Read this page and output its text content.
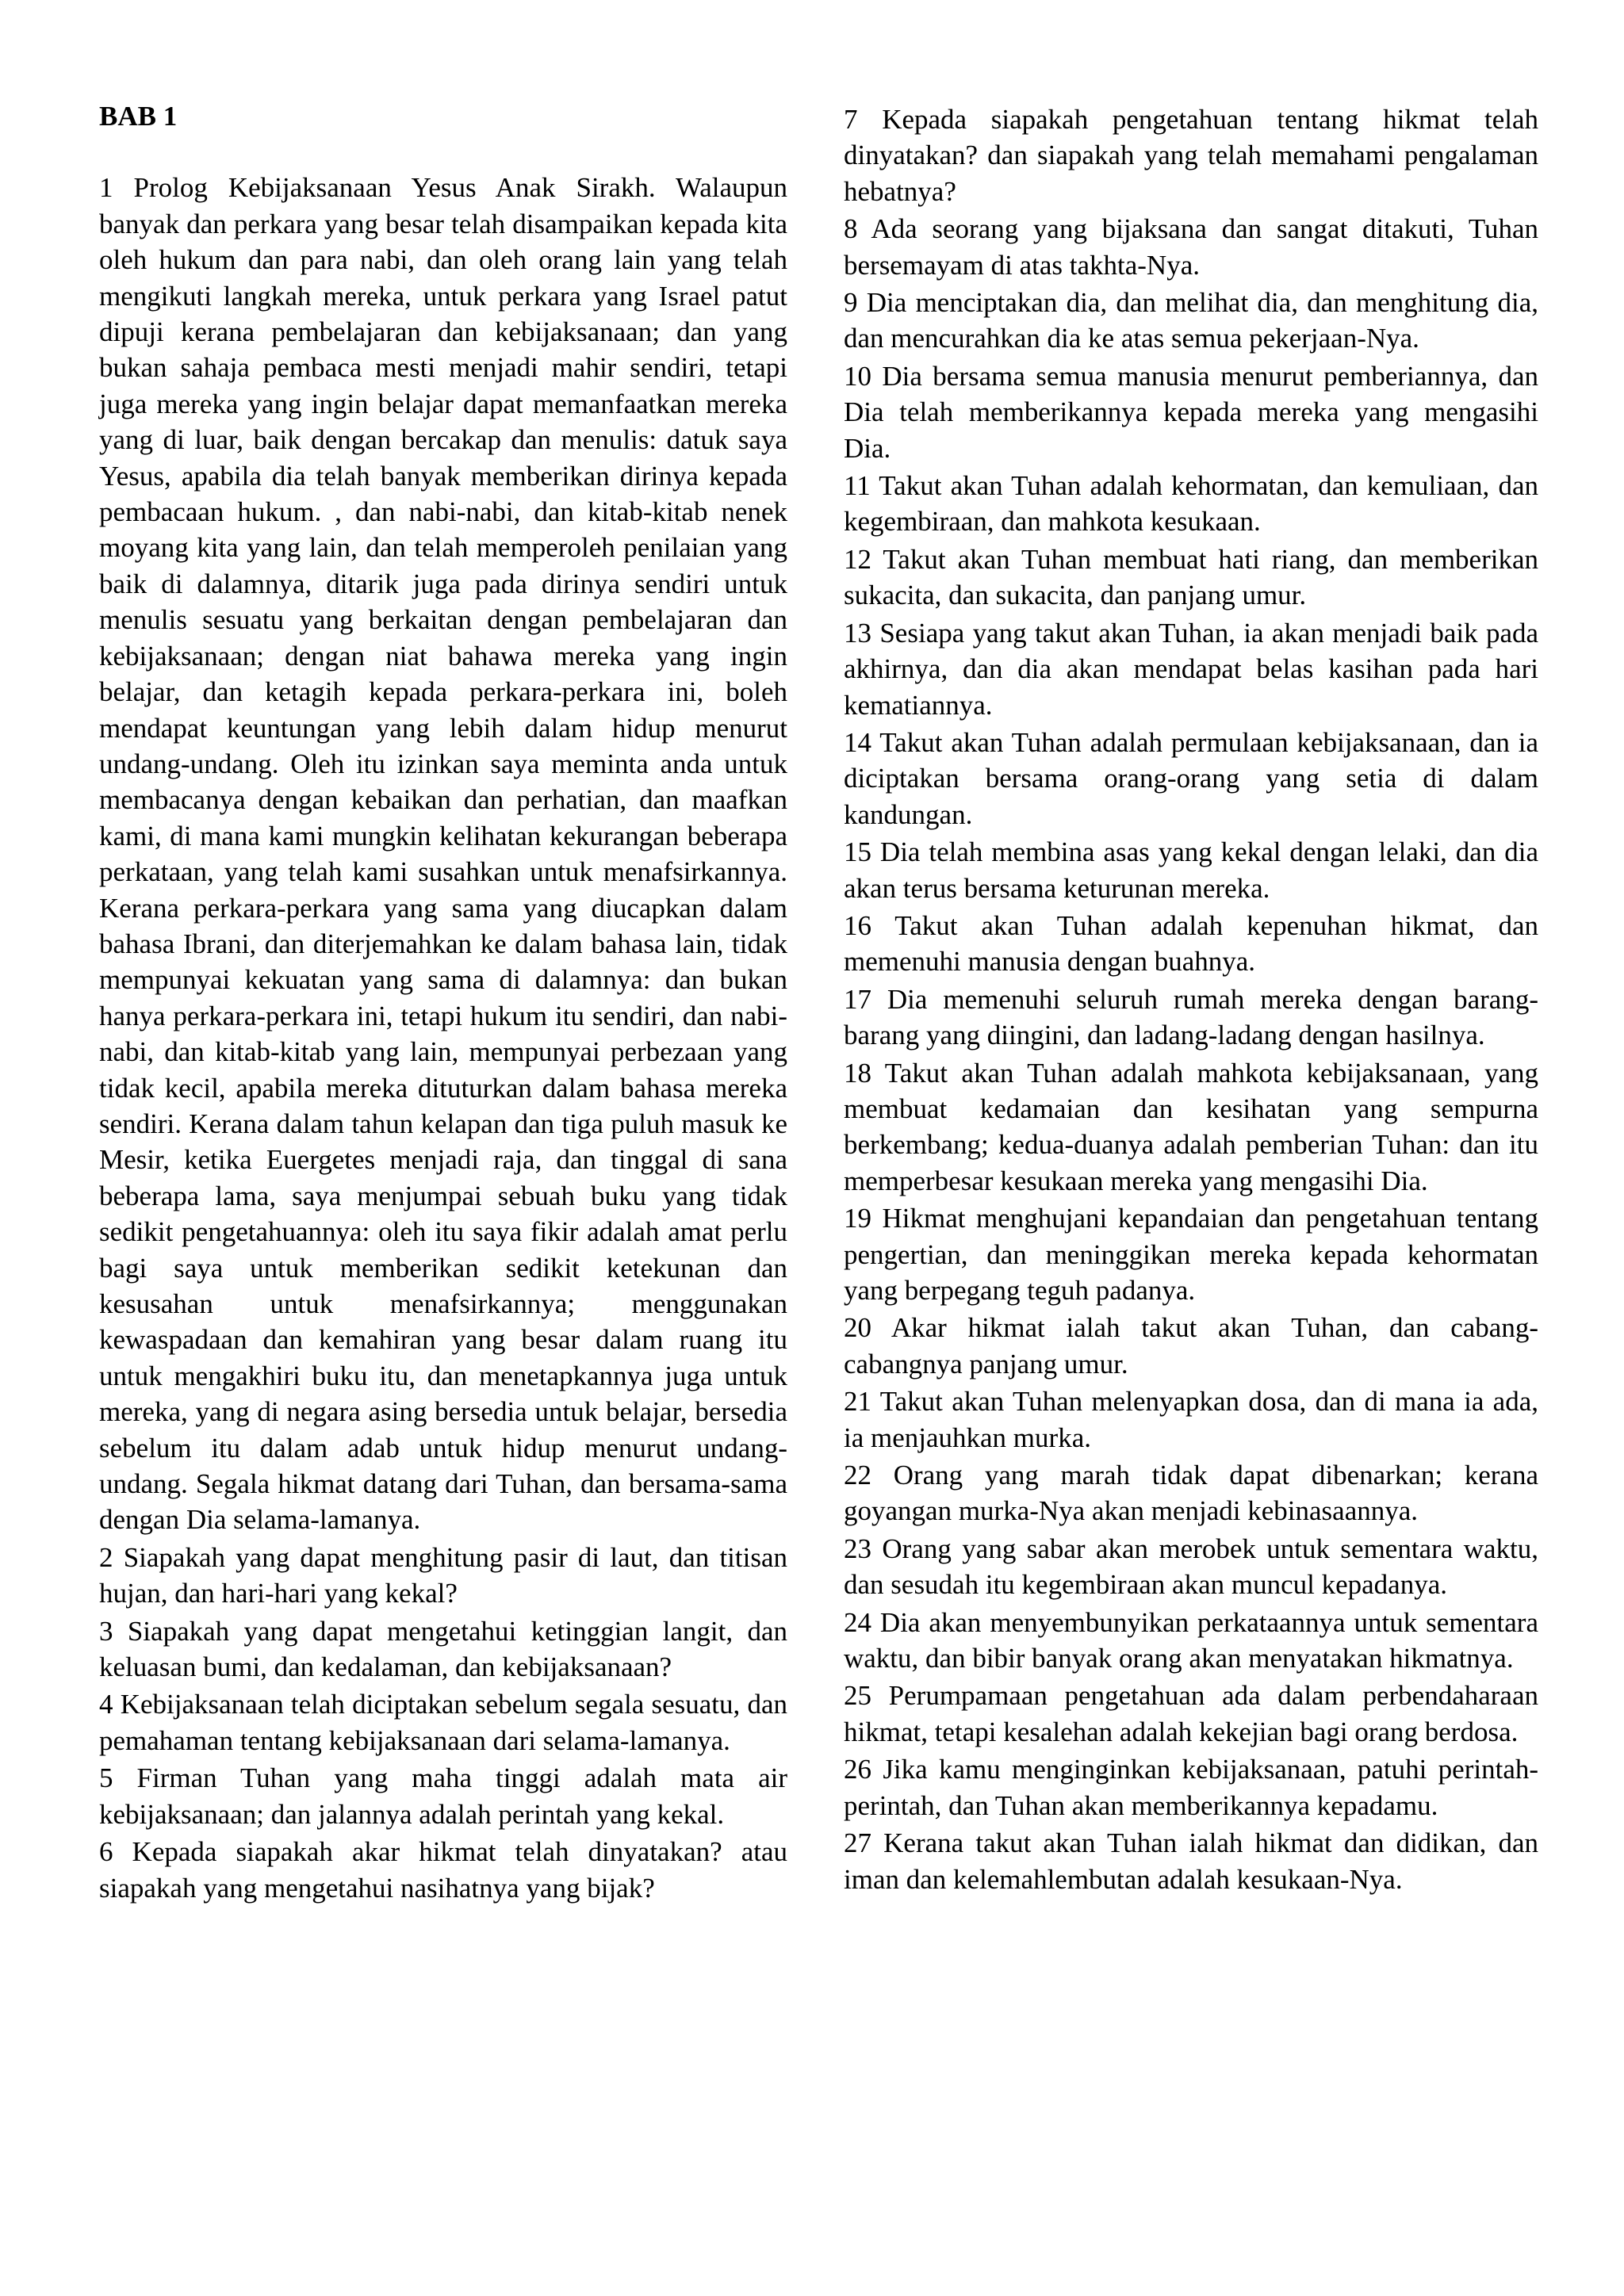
BAB 1

1 Prolog Kebijaksanaan Yesus Anak Sirakh. Walaupun banyak dan perkara yang besar telah disampaikan kepada kita oleh hukum dan para nabi, dan oleh orang lain yang telah mengikuti langkah mereka, untuk perkara yang Israel patut dipuji kerana pembelajaran dan kebijaksanaan; dan yang bukan sahaja pembaca mesti menjadi mahir sendiri, tetapi juga mereka yang ingin belajar dapat memanfaatkan mereka yang di luar, baik dengan bercakap dan menulis: datuk saya Yesus, apabila dia telah banyak memberikan dirinya kepada pembacaan hukum. , dan nabi-nabi, dan kitab-kitab nenek moyang kita yang lain, dan telah memperoleh penilaian yang baik di dalamnya, ditarik juga pada dirinya sendiri untuk menulis sesuatu yang berkaitan dengan pembelajaran dan kebijaksanaan; dengan niat bahawa mereka yang ingin belajar, dan ketagih kepada perkara-perkara ini, boleh mendapat keuntungan yang lebih dalam hidup menurut undang-undang. Oleh itu izinkan saya meminta anda untuk membacanya dengan kebaikan dan perhatian, dan maafkan kami, di mana kami mungkin kelihatan kekurangan beberapa perkataan, yang telah kami susahkan untuk menafsirkannya. Kerana perkara-perkara yang sama yang diucapkan dalam bahasa Ibrani, dan diterjemahkan ke dalam bahasa lain, tidak mempunyai kekuatan yang sama di dalamnya: dan bukan hanya perkara-perkara ini, tetapi hukum itu sendiri, dan nabi-nabi, dan kitab-kitab yang lain, mempunyai perbezaan yang tidak kecil, apabila mereka dituturkan dalam bahasa mereka sendiri. Kerana dalam tahun kelapan dan tiga puluh masuk ke Mesir, ketika Euergetes menjadi raja, dan tinggal di sana beberapa lama, saya menjumpai sebuah buku yang tidak sedikit pengetahuannya: oleh itu saya fikir adalah amat perlu bagi saya untuk memberikan sedikit ketekunan dan kesusahan untuk menafsirkannya; menggunakan kewaspadaan dan kemahiran yang besar dalam ruang itu untuk mengakhiri buku itu, dan menetapkannya juga untuk mereka, yang di negara asing bersedia untuk belajar, bersedia sebelum itu dalam adab untuk hidup menurut undang-undang. Segala hikmat datang dari Tuhan, dan bersama-sama dengan Dia selama-lamanya.

2 Siapakah yang dapat menghitung pasir di laut, dan titisan hujan, dan hari-hari yang kekal?

3 Siapakah yang dapat mengetahui ketinggian langit, dan keluasan bumi, dan kedalaman, dan kebijaksanaan?

4 Kebijaksanaan telah diciptakan sebelum segala sesuatu, dan pemahaman tentang kebijaksanaan dari selama-lamanya.

5 Firman Tuhan yang maha tinggi adalah mata air kebijaksanaan; dan jalannya adalah perintah yang kekal.

6 Kepada siapakah akar hikmat telah dinyatakan? atau siapakah yang mengetahui nasihatnya yang bijak?

7 Kepada siapakah pengetahuan tentang hikmat telah dinyatakan? dan siapakah yang telah memahami pengalaman hebatnya?

8 Ada seorang yang bijaksana dan sangat ditakuti, Tuhan bersemayam di atas takhta-Nya.

9 Dia menciptakan dia, dan melihat dia, dan menghitung dia, dan mencurahkan dia ke atas semua pekerjaan-Nya.

10 Dia bersama semua manusia menurut pemberiannya, dan Dia telah memberikannya kepada mereka yang mengasihi Dia.

11 Takut akan Tuhan adalah kehormatan, dan kemuliaan, dan kegembiraan, dan mahkota kesukaan.

12 Takut akan Tuhan membuat hati riang, dan memberikan sukacita, dan sukacita, dan panjang umur.

13 Sesiapa yang takut akan Tuhan, ia akan menjadi baik pada akhirnya, dan dia akan mendapat belas kasihan pada hari kematiannya.

14 Takut akan Tuhan adalah permulaan kebijaksanaan, dan ia diciptakan bersama orang-orang yang setia di dalam kandungan.

15 Dia telah membina asas yang kekal dengan lelaki, dan dia akan terus bersama keturunan mereka.

16 Takut akan Tuhan adalah kepenuhan hikmat, dan memenuhi manusia dengan buahnya.

17 Dia memenuhi seluruh rumah mereka dengan barang-barang yang diingini, dan ladang-ladang dengan hasilnya.

18 Takut akan Tuhan adalah mahkota kebijaksanaan, yang membuat kedamaian dan kesihatan yang sempurna berkembang; kedua-duanya adalah pemberian Tuhan: dan itu memperbesar kesukaan mereka yang mengasihi Dia.

19 Hikmat menghujani kepandaian dan pengetahuan tentang pengertian, dan meninggikan mereka kepada kehormatan yang berpegang teguh padanya.

20 Akar hikmat ialah takut akan Tuhan, dan cabang-cabangnya panjang umur.

21 Takut akan Tuhan melenyapkan dosa, dan di mana ia ada, ia menjauhkan murka.

22 Orang yang marah tidak dapat dibenarkan; kerana goyangan murka-Nya akan menjadi kebinasaannya.

23 Orang yang sabar akan merobek untuk sementara waktu, dan sesudah itu kegembiraan akan muncul kepadanya.

24 Dia akan menyembunyikan perkataannya untuk sementara waktu, dan bibir banyak orang akan menyatakan hikmatnya.

25 Perumpamaan pengetahuan ada dalam perbendaharaan hikmat, tetapi kesalehan adalah kekejian bagi orang berdosa.

26 Jika kamu menginginkan kebijaksanaan, patuhi perintah-perintah, dan Tuhan akan memberikannya kepadamu.

27 Kerana takut akan Tuhan ialah hikmat dan didikan, dan iman dan kelemahlembutan adalah kesukaan-Nya.
